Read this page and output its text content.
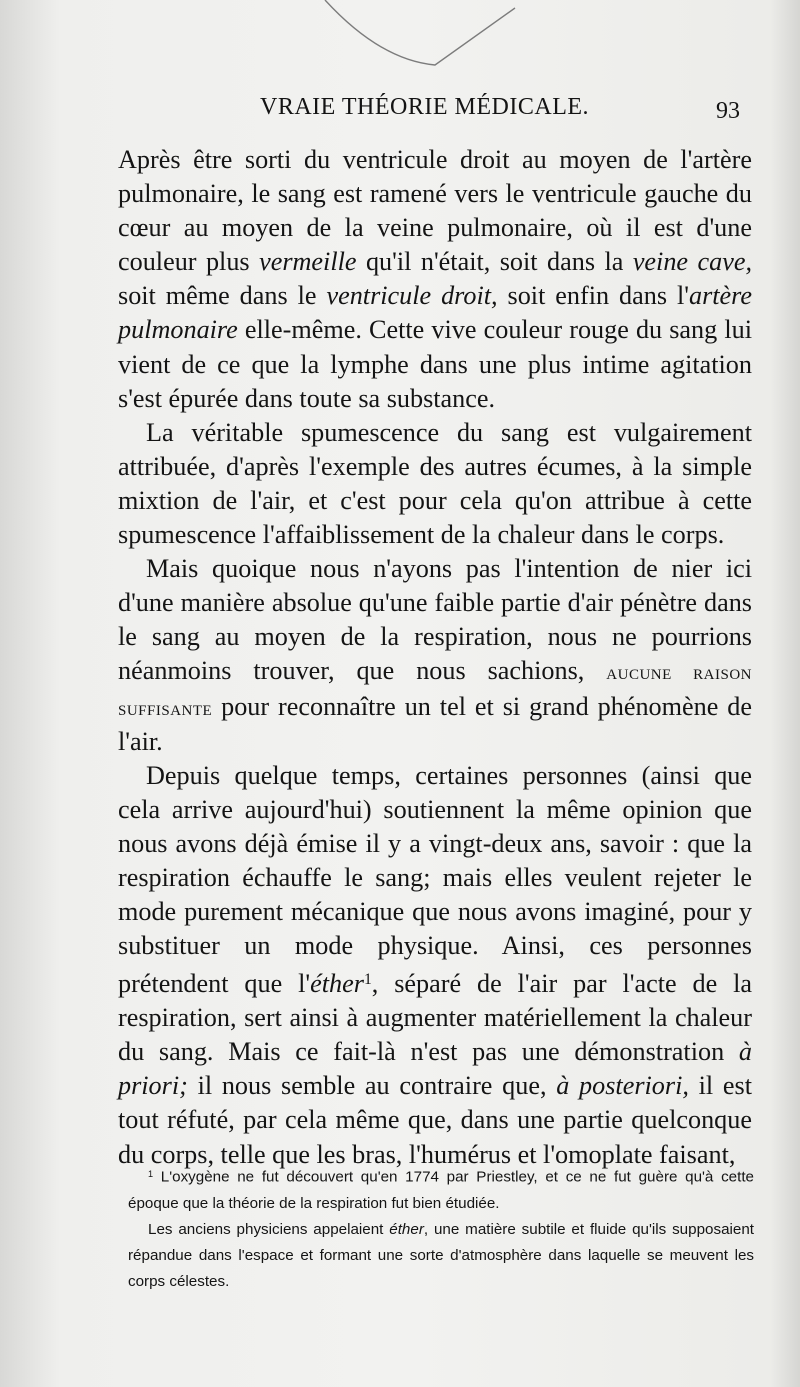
VRAIE THÉORIE MÉDICALE.	93

Après être sorti du ventricule droit au moyen de l'artère pulmonaire, le sang est ramené vers le ventricule gauche du cœur au moyen de la veine pulmonaire, où il est d'une couleur plus vermeille qu'il n'était, soit dans la veine cave, soit même dans le ventricule droit, soit enfin dans l'artère pulmonaire elle-même. Cette vive couleur rouge du sang lui vient de ce que la lymphe dans une plus intime agitation s'est épurée dans toute sa substance.

La véritable spumescence du sang est vulgairement attribuée, d'après l'exemple des autres écumes, à la simple mixtion de l'air, et c'est pour cela qu'on attribue à cette spumescence l'affaiblissement de la chaleur dans le corps.

Mais quoique nous n'ayons pas l'intention de nier ici d'une manière absolue qu'une faible partie d'air pénètre dans le sang au moyen de la respiration, nous ne pourrions néanmoins trouver, que nous sachions, aucune raison suffisante pour reconnaître un tel et si grand phénomène de l'air.

Depuis quelque temps, certaines personnes (ainsi que cela arrive aujourd'hui) soutiennent la même opinion que nous avons déjà émise il y a vingt-deux ans, savoir : que la respiration échauffe le sang; mais elles veulent rejeter le mode purement mécanique que nous avons imaginé, pour y substituer un mode physique. Ainsi, ces personnes prétendent que l'éther$^1$, séparé de l'air par l'acte de la respiration, sert ainsi à augmenter matériellement la chaleur du sang. Mais ce fait-là n'est pas une démonstration à priori; il nous semble au contraire que, à posteriori, il est tout réfuté, par cela même que, dans une partie quelconque du corps, telle que les bras, l'humérus et l'omoplate faisant,

$^1$ L'oxygène ne fut découvert qu'en 1774 par Priestley, et ce ne fut guère qu'à cette époque que la théorie de la respiration fut bien étudiée.

Les anciens physiciens appelaient éther, une matière subtile et fluide qu'ils supposaient répandue dans l'espace et formant une sorte d'atmosphère dans laquelle se meuvent les corps célestes.
